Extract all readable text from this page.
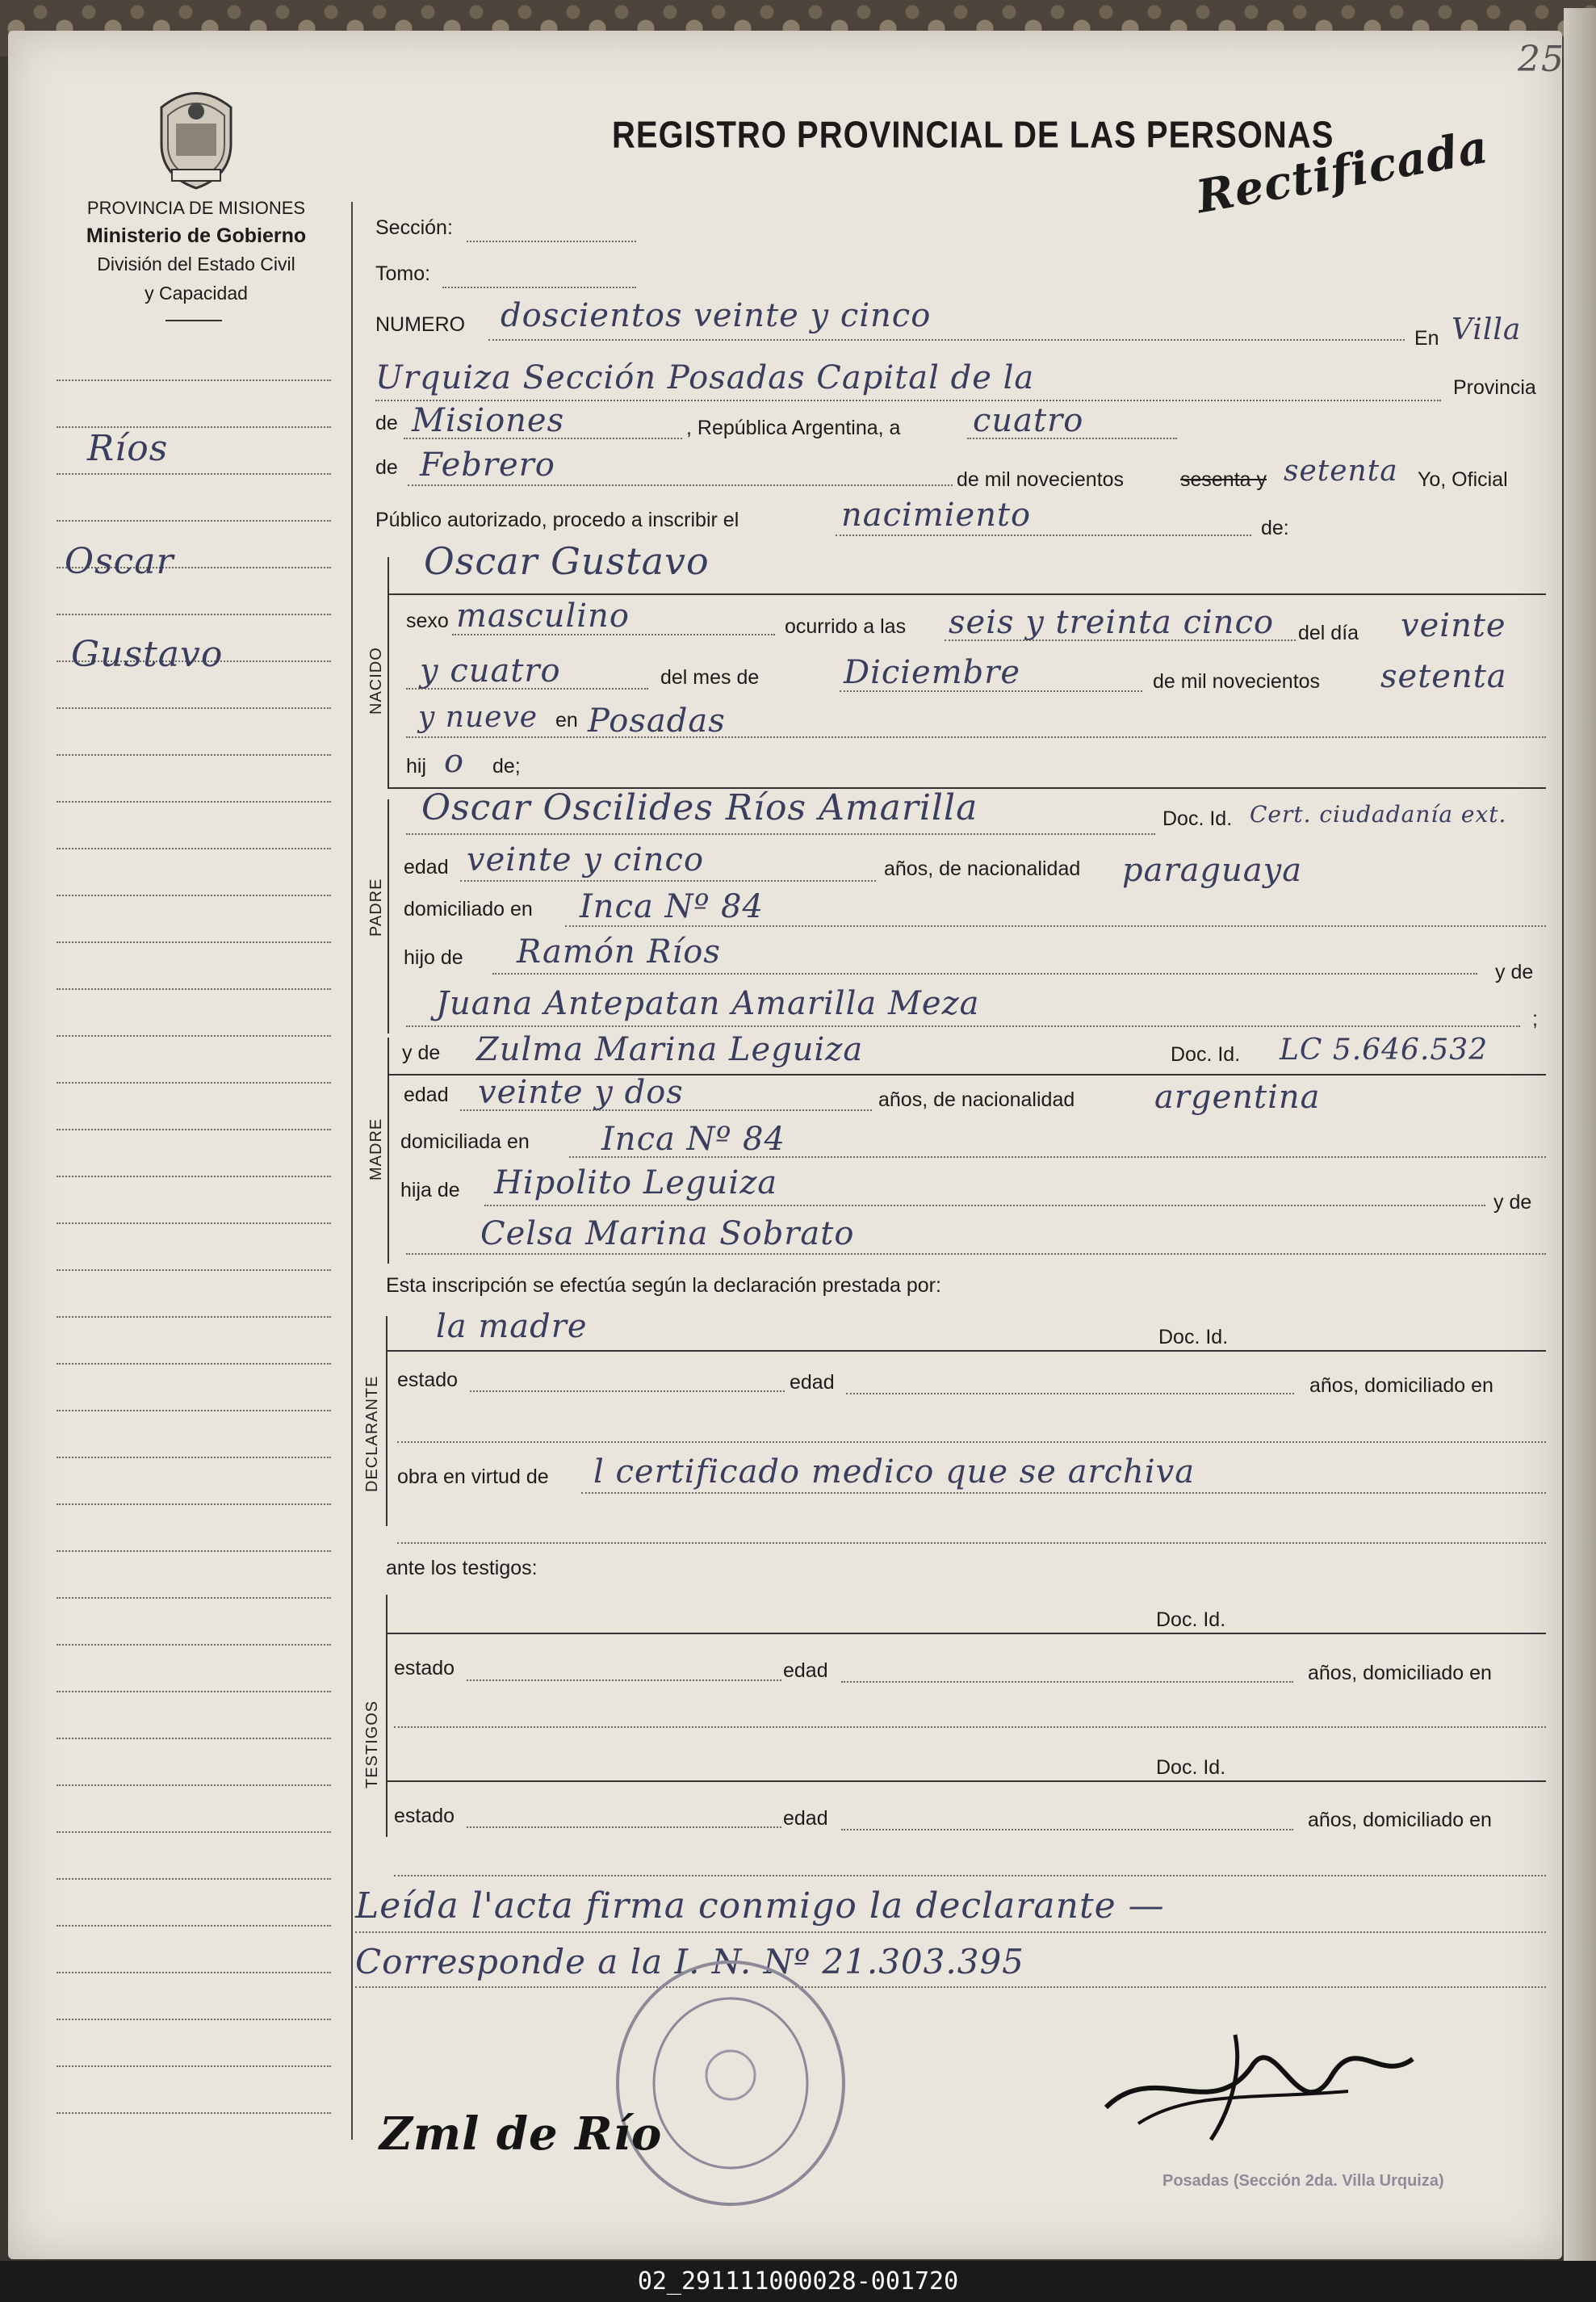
25
PROVINCIA DE MISIONES
Ministerio de Gobierno
División del Estado Civil
y Capacidad
REGISTRO PROVINCIAL DE LAS PERSONAS
Rectificada
Ríos
Oscar
Gustavo
Sección:
Tomo:
NUMERO doscientos veinte y cinco
En Villa
Urquiza Sección Posadas Capital de la	Provincia
de Misiones	, República Argentina, a cuatro
de Febrero	de mil novecientos	sesenta y setenta Yo, Oficial
Público autorizado, procedo a inscribir el	nacimiento	de:
NACIDO
Oscar Gustavo
sexo masculino	ocurrido a las seis y treinta cinco del día veinte
y cuatro	del mes de	Diciembre	de mil novecientos setenta
y nueve en Posadas
hij o de;
PADRE
Oscar Oscilides Ríos Amarilla	Doc. Id. Cert. ciudadanía ext.
edad veinte y cinco	años, de nacionalidad paraguaya
domiciliado en Inca Nº 84
hijo de Ramón Ríos
y de
Juana Antepatan Amarilla Meza	;
MADRE
y de Zulma Marina Leguiza	Doc. Id. LC 5.646.532
edad veinte y dos	años, de nacionalidad argentina
domiciliada en Inca Nº 84
hija de Hipolito Leguiza
y de
Celsa Marina Sobrato
Esta inscripción se efectúa según la declaración prestada por:
DECLARANTE
la madre	Doc. Id.
estado	edad	años, domiciliado en
obra en virtud de l certificado medico que se archiva
ante los testigos:
TESTIGOS
Doc. Id.
estado	edad	años, domiciliado en
Doc. Id.
estado	edad	años, domiciliado en
Leída l'acta firma conmigo la declarante —
Corresponde a la I. N. Nº 21.303.395
Posadas (Sección 2da. Villa Urquiza)
Zml de Río
02_291111000028-001720
